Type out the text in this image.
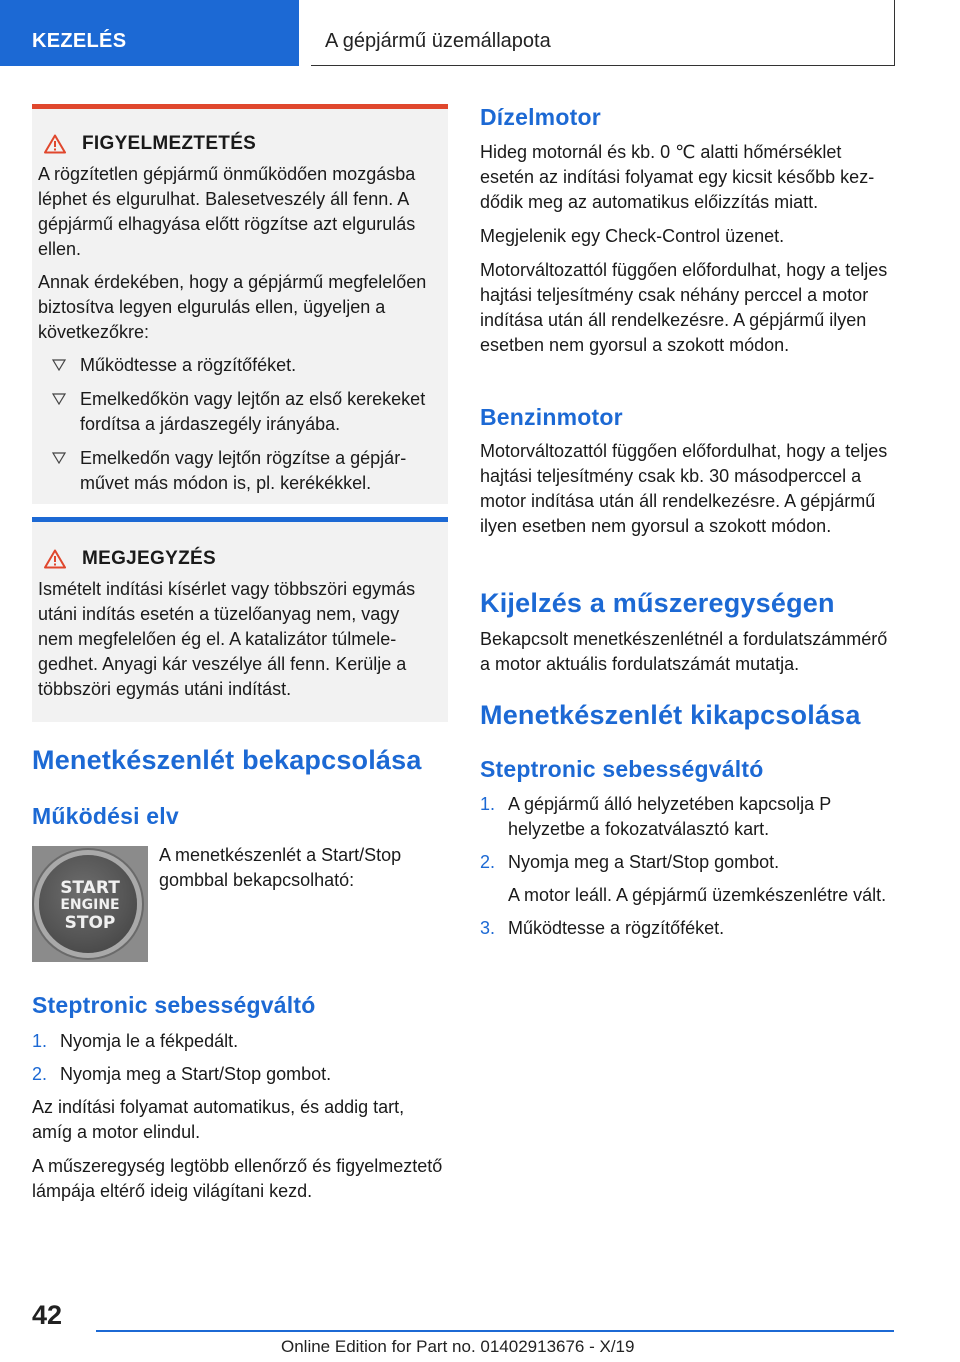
KEZELÉS	A gépjármű üzemállapota
FIGYELMEZTETÉS

A rögzítetlen gépjármű önműködően mozgásba léphet és elgurulhat. Balesetveszély áll fenn. A gépjármű elhagyása előtt rögzítse azt elgurulás ellen.

Annak érdekében, hogy a gépjármű megfelelően biztosítva legyen elgurulás ellen, ügyeljen a következőkre:

Működtesse a rögzítőféket.
Emelkedőkön vagy lejtőn az első kerekeket fordítsa a járdaszegély irányába.
Emelkedőn vagy lejtőn rögzítse a gépjárművet más módon is, pl. kerékékkel.
MEGJEGYZÉS

Ismételt indítási kísérlet vagy többszöri egymás utáni indítás esetén a tüzelőanyag nem, vagy nem megfelelően ég el. A katalizátor túlmelegedhet. Anyagi kár veszélye áll fenn. Kerülje a többszöri egymás utáni indítást.

Menetkészenlét bekapcsolása
Működési elv
START
ENGINE
STOP

A menetkészenlét a Start/Stop gombbal bekapcsolható:

Steptronic sebességváltó
1. Nyomja le a fékpedált.
2. Nyomja meg a Start/Stop gombot.

Az indítási folyamat automatikus, és addig tart, amíg a motor elindul.

A műszeregység legtöbb ellenőrző és figyelmeztető lámpája eltérő ideig világítani kezd.

Dízelmotor

Hideg motornál és kb. 0 ℃ alatti hőmérséklet esetén az indítási folyamat egy kicsit később kezdődik meg az automatikus előizzítás miatt.

Megjelenik egy Check-Control üzenet.

Motorváltozattól függően előfordulhat, hogy a teljes hajtási teljesítmény csak néhány perccel a motor indítása után áll rendelkezésre. A gépjármű ilyen esetben nem gyorsul a szokott módon.

Benzinmotor

Motorváltozattól függően előfordulhat, hogy a teljes hajtási teljesítmény csak kb. 30 másodperccel a motor indítása után áll rendelkezésre. A gépjármű ilyen esetben nem gyorsul a szokott módon.

Kijelzés a műszeregységen

Bekapcsolt menetkészenlétnél a fordulatszámmérő a motor aktuális fordulatszámát mutatja.

Menetkészenlét kikapcsolása
Steptronic sebességváltó
1. A gépjármű álló helyzetében kapcsolja P helyzetbe a fokozatválasztó kart.
2. Nyomja meg a Start/Stop gombot.
A motor leáll. A gépjármű üzemkészenlétre vált.
3. Működtesse a rögzítőféket.
42
Online Edition for Part no. 01402913676 - X/19
